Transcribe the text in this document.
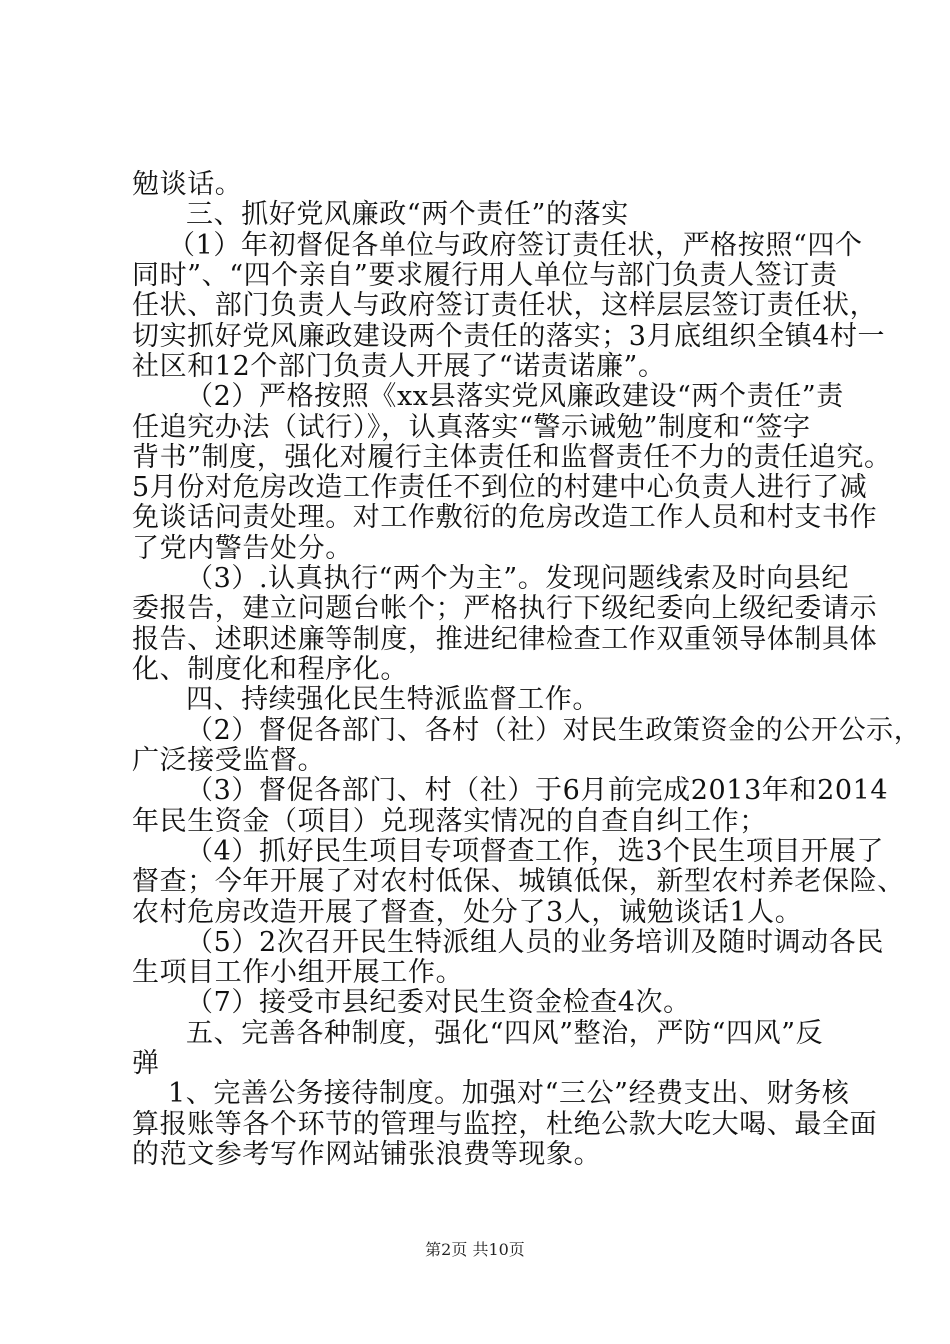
勉谈话。
三、抓好党风廉政“两个责任”的落实
（1）年初督促各单位与政府签订责任状，严格按照“四个
同时”、“四个亲自”要求履行用人单位与部门负责人签订责
任状、部门负责人与政府签订责任状，这样层层签订责任状，
切实抓好党风廉政建设两个责任的落实；3月底组织全镇4村一
社区和12个部门负责人开展了“诺责诺廉”。
（2）严格按照《xx县落实党风廉政建设“两个责任”责
任追究办法（试行）》，认真落实“警示诫勉”制度和“签字
背书”制度，强化对履行主体责任和监督责任不力的责任追究。
5月份对危房改造工作责任不到位的村建中心负责人进行了减
免谈话问责处理。对工作敷衍的危房改造工作人员和村支书作
了党内警告处分。
（3）.认真执行“两个为主”。发现问题线索及时向县纪
委报告，建立问题台帐个；严格执行下级纪委向上级纪委请示
报告、述职述廉等制度，推进纪律检查工作双重领导体制具体
化、制度化和程序化。
四、持续强化民生特派监督工作。
（2）督促各部门、各村（社）对民生政策资金的公开公示，
广泛接受监督。
（3）督促各部门、村（社）于6月前完成2013年和2014
年民生资金（项目）兑现落实情况的自查自纠工作；
（4）抓好民生项目专项督查工作，选3个民生项目开展了
督查；今年开展了对农村低保、城镇低保，新型农村养老保险、
农村危房改造开展了督查，处分了3人，诫勉谈话1人。
（5）2次召开民生特派组人员的业务培训及随时调动各民
生项目工作小组开展工作。
（7）接受市县纪委对民生资金检查4次。
五、完善各种制度，强化“四风”整治，严防“四风”反
弹
1、完善公务接待制度。加强对“三公”经费支出、财务核
算报账等各个环节的管理与监控，杜绝公款大吃大喝、最全面
的范文参考写作网站铺张浪费等现象。
第2页 共10页
